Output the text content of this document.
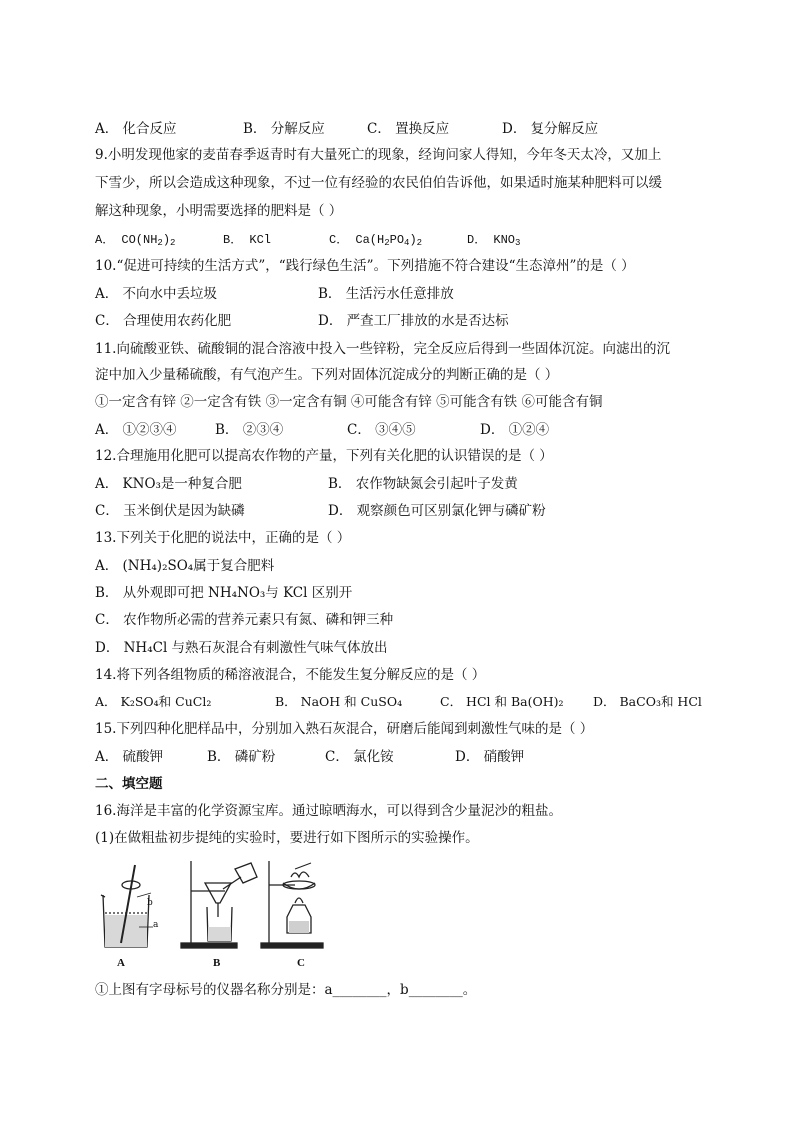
A． 化合反应	B． 分解反应	C． 置换反应	D． 复分解反应
9.小明发现他家的麦苗春季返青时有大量死亡的现象，经询问家人得知，今年冬天太冷，又加上
下雪少，所以会造成这种现象，不过一位有经验的农民伯伯告诉他，如果适时施某种肥料可以缓
解这种现象，小明需要选择的肥料是（ ）
A． $CO(NH_2)_2$	B． KCl	C． $Ca(H_2PO_4)_2$	D． $KNO_3$
10.“促进可持续的生活方式”，“践行绿色生活”。下列措施不符合建设“生态漳州”的是（ ）
A． 不向水中丢垃圾	B． 生活污水任意排放
C． 合理使用农药化肥	D． 严查工厂排放的水是否达标
11.向硫酸亚铁、硫酸铜的混合溶液中投入一些锌粉，完全反应后得到一些固体沉淀。向滤出的沉
淀中加入少量稀硫酸，有气泡产生。下列对固体沉淀成分的判断正确的是（ ）
①一定含有锌 ②一定含有铁 ③一定含有铜 ④可能含有锌 ⑤可能含有铁 ⑥可能含有铜
A． ①②③④	B． ②③④	C． ③④⑤	D． ①②④
12.合理施用化肥可以提高农作物的产量，下列有关化肥的认识错误的是（ ）
A． KNO₃是一种复合肥	B． 农作物缺氮会引起叶子发黄
C． 玉米倒伏是因为缺磷	D． 观察颜色可区别氯化钾与磷矿粉
13.下列关于化肥的说法中，正确的是（ ）
A． (NH₄)₂SO₄属于复合肥料
B． 从外观即可把 NH₄NO₃与 KCl 区别开
C． 农作物所必需的营养元素只有氮、磷和钾三种
D． NH₄Cl 与熟石灰混合有刺激性气味气体放出
14.将下列各组物质的稀溶液混合，不能发生复分解反应的是（ ）
A． K₂SO₄和 CuCl₂	B． NaOH 和 CuSO₄	C． HCl 和 Ba(OH)₂ D． BaCO₃和 HCl
15.下列四种化肥样品中，分别加入熟石灰混合，研磨后能闻到刺激性气味的是（ ）
A． 硫酸钾	B． 磷矿粉	C． 氯化铵	D． 硝酸钾
二、填空题
16.海洋是丰富的化学资源宝库。通过晾晒海水，可以得到含少量泥沙的粗盐。
(1)在做粗盐初步提纯的实验时，要进行如下图所示的实验操作。
b
a
A	B	C
①上图有字母标号的仪器名称分别是：a________，b________。
